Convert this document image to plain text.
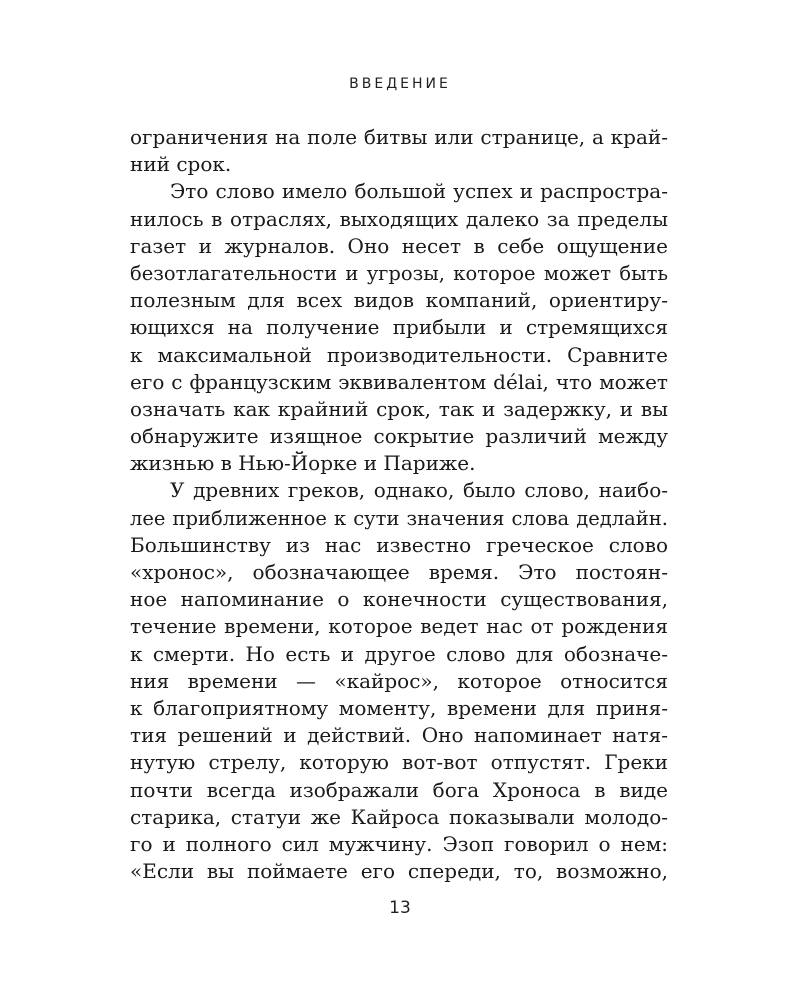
ВВЕДЕНИЕ
ограничения на поле битвы или странице, а край-
ний срок.
Это слово имело большой успех и распростра-
нилось в отраслях, выходящих далеко за пределы
газет и журналов. Оно несет в себе ощущение
безотлагательности и угрозы, которое может быть
полезным для всех видов компаний, ориентиру-
ющихся на получение прибыли и стремящихся
к максимальной производительности. Сравните
его с французским эквивалентом délai, что может
означать как крайний срок, так и задержку, и вы
обнаружите изящное сокрытие различий между
жизнью в Нью-Йорке и Париже.
У древних греков, однако, было слово, наибо-
лее приближенное к сути значения слова дедлайн.
Большинству из нас известно греческое слово
«хронос», обозначающее время. Это постоян-
ное напоминание о конечности существования,
течение времени, которое ведет нас от рождения
к смерти. Но есть и другое слово для обозначе-
ния времени — «кайрос», которое относится
к благоприятному моменту, времени для приня-
тия решений и действий. Оно напоминает натя-
нутую стрелу, которую вот-вот отпустят. Греки
почти всегда изображали бога Хроноса в виде
старика, статуи же Кайроса показывали молодо-
го и полного сил мужчину. Эзоп говорил о нем:
«Если вы поймаете его спереди, то, возможно,
13
